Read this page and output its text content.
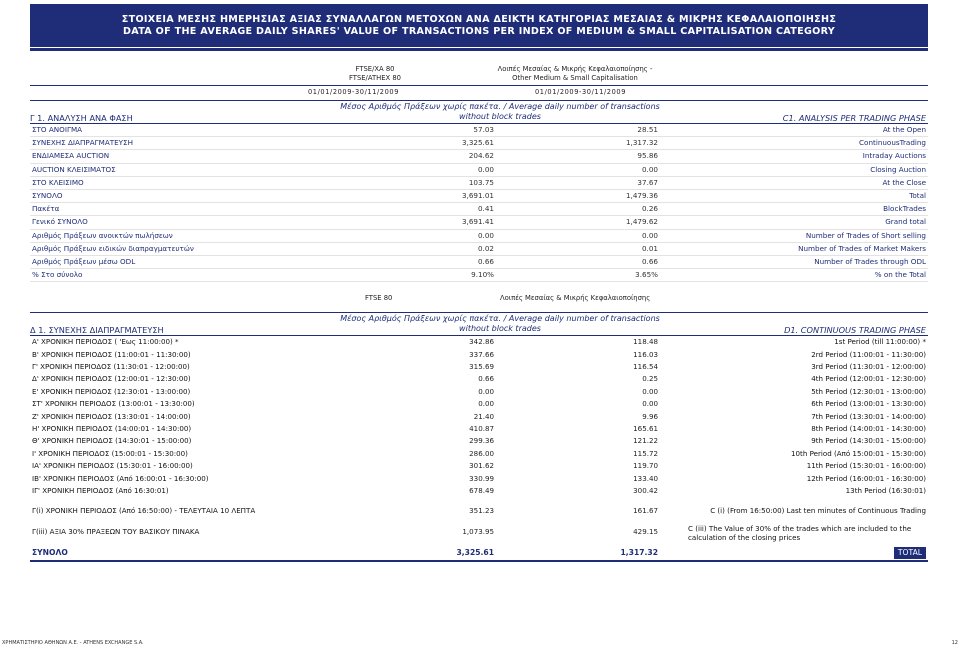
ΣΤΟΙΧΕΙΑ ΜΕΣΗΣ ΗΜΕΡΗΣΙΑΣ ΑΞΙΑΣ ΣΥΝΑΛΛΑΓΩΝ ΜΕΤΟΧΩΝ ΑΝΑ ΔΕΙΚΤΗ ΚΑΤΗΓΟΡΙΑΣ ΜΕΣΑΙΑΣ & ΜΙΚΡΗΣ ΚΕΦΑΛΑΙΟΠΟΙΗΣΗΣ
DATA OF THE AVERAGE DAILY SHARES' VALUE OF TRANSACTIONS PER INDEX OF MEDIUM & SMALL CAPITALISATION CATEGORY
FTSE/XA 80
FTSE/ATHEX 80
Λοιπές Μεσαίας & Μικρής Κεφαλαιοποίησης -
Other Medium & Small Capitalisation
01/01/2009-30/11/2009	01/01/2009-30/11/2009
Γ 1. ΑΝΑΛΥΣΗ ΑΝΑ ΦΑΣΗ
Μέσος Αριθμός Πράξεων χωρίς πακέτα. / Average daily number of transactions
without block trades	C1. ANALYSIS PER TRADING PHASE
ΣΤΟ ΑΝΟΙΓΜΑ	57.03	28.51	At the Open
ΣΥΝΕΧΗΣ ΔΙΑΠΡΑΓΜΑΤΕΥΣΗ	3,325.61	1,317.32	ContinuousTrading
ΕΝΔΙΑΜΕΣΑ AUCTION	204.62	95.86	Intraday Auctions
AUCTION ΚΛΕΙΣΙΜΑΤΟΣ	0.00	0.00	Closing Auction
ΣΤΟ ΚΛΕΙΣΙΜΟ	103.75	37.67	At the Close
ΣΥΝΟΛΟ	3,691.01	1,479.36	Total
Πακέτα	0.41	0.26	BlockTrades
Γενικό ΣΥΝΟΛΟ	3,691.41	1,479.62	Grand total
Αριθμός Πράξεων ανοικτών πωλήσεων	0.00	0.00	Number of Trades of Short selling
Αριθμός Πράξεων ειδικών διαπραγματευτών	0.02	0.01	Number of Trades of Market Makers
Αριθμός Πράξεων μέσω ODL	0.66	0.66	Number of Trades through ODL
% Στο σύνολο	9.10%	3.65%	% on the Total
FTSE 80	Λοιπές Μεσαίας & Μικρής Κεφαλαιοποίησης
Δ 1. ΣΥΝΕΧΗΣ ΔΙΑΠΡΑΓΜΑΤΕΥΣΗ
Μέσος Αριθμός Πράξεων χωρίς πακέτα. / Average daily number of transactions
without block trades	D1. CONTINUOUS TRADING PHASE
Α' ΧΡΟΝΙΚΗ ΠΕΡΙΟΔΟΣ ( 'Εως 11:00:00) *	342.86	118.48	1st Period (till 11:00:00) *
Β' ΧΡΟΝΙΚΗ ΠΕΡΙΟΔΟΣ (11:00:01 - 11:30:00)	337.66	116.03	2rd Period (11:00:01 - 11:30:00)
Γ' ΧΡΟΝΙΚΗ ΠΕΡΙΟΔΟΣ (11:30:01 - 12:00:00)	315.69	116.54	3rd Period (11:30:01 - 12:00:00)
Δ' ΧΡΟΝΙΚΗ ΠΕΡΙΟΔΟΣ (12:00:01 - 12:30:00)	0.66	0.25	4th Period (12:00:01 - 12:30:00)
Ε' ΧΡΟΝΙΚΗ ΠΕΡΙΟΔΟΣ (12:30:01 - 13:00:00)	0.00	0.00	5th Period (12:30:01 - 13:00:00)
ΣΤ' ΧΡΟΝΙΚΗ ΠΕΡΙΟΔΟΣ (13:00:01 - 13:30:00)	0.00	0.00	6th Period (13:00:01 - 13:30:00)
Ζ' ΧΡΟΝΙΚΗ ΠΕΡΙΟΔΟΣ (13:30:01 - 14:00:00)	21.40	9.96	7th Period (13:30:01 - 14:00:00)
Η' ΧΡΟΝΙΚΗ ΠΕΡΙΟΔΟΣ (14:00:01 - 14:30:00)	410.87	165.61	8th Period (14:00:01 - 14:30:00)
Θ' ΧΡΟΝΙΚΗ ΠΕΡΙΟΔΟΣ (14:30:01 - 15:00:00)	299.36	121.22	9th Period (14:30:01 - 15:00:00)
Ι' ΧΡΟΝΙΚΗ ΠΕΡΙΟΔΟΣ (15:00:01 - 15:30:00)	286.00	115.72	10th Period (Από 15:00:01 - 15:30:00)
ΙΑ' ΧΡΟΝΙΚΗ ΠΕΡΙΟΔΟΣ (15:30:01 - 16:00:00)	301.62	119.70	11th Period (15:30:01 - 16:00:00)
ΙΒ' ΧΡΟΝΙΚΗ ΠΕΡΙΟΔΟΣ (Από 16:00:01 - 16:30:00)	330.99	133.40	12th Period (16:00:01 - 16:30:00)
ΙΓ' ΧΡΟΝΙΚΗ ΠΕΡΙΟΔΟΣ (Από 16:30:01)	678.49	300.42	13th Period (16:30:01)
Γ(i) ΧΡΟΝΙΚΗ ΠΕΡΙΟΔΟΣ (Από 16:50:00) - ΤΕΛΕΥΤΑΙΑ 10 ΛΕΠΤΑ	351.23	161.67	C (i) (From 16:50:00) Last ten minutes of Continuous Trading
Γ(iii) ΑΞΙΑ 30% ΠΡΑΞΕΩΝ ΤΟΥ ΒΑΣΙΚΟΥ ΠΙΝΑΚΑ	1,073.95	429.15	C (iii) The Value of 30% of the trades which are included to the calculation of the closing prices
ΣΥΝΟΛΟ	3,325.61	1,317.32	TOTAL
ΧΡΗΜΑΤΙΣΤΗΡΙΟ ΑΘΗΝΩΝ Α.Ε. - ATHENS EXCHANGE S.A.	12
